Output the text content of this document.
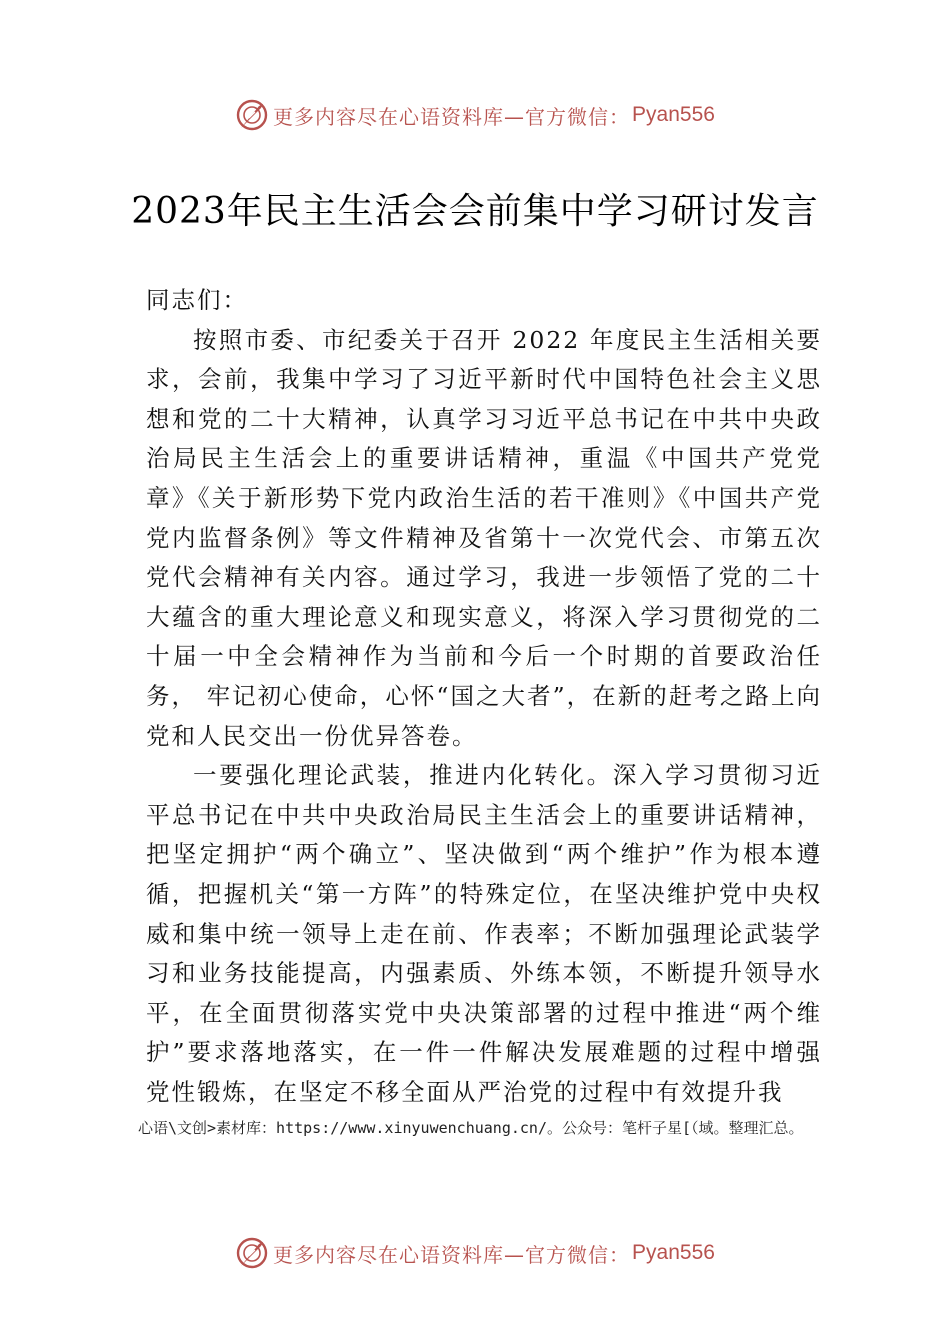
更多内容尽在心语资料库—官方微信： Pyan556
2023年民主生活会会前集中学习研讨发言

同志们：

按照市委、市纪委关于召开 2022 年度民主生活相关要求，会前，我集中学习了习近平新时代中国特色社会主义思想和党的二十大精神，认真学习习近平总书记在中共中央政治局民主生活会上的重要讲话精神，重温《中国共产党党章》《关于新形势下党内政治生活的若干准则》《中国共产党党内监督条例》等文件精神及省第十一次党代会、市第五次党代会精神有关内容。通过学习，我进一步领悟了党的二十大蕴含的重大理论意义和现实意义，将深入学习贯彻党的二十届一中全会精神作为当前和今后一个时期的首要政治任务， 牢记初心使命，心怀“国之大者”，在新的赶考之路上向党和人民交出一份优异答卷。

一要强化理论武装，推进内化转化。深入学习贯彻习近平总书记在中共中央政治局民主生活会上的重要讲话精神， 把坚定拥护“两个确立”、坚决做到“两个维护”作为根本遵循，把握机关“第一方阵”的特殊定位，在坚决维护党中央权威和集中统一领导上走在前、作表率；不断加强理论武装学习和业务技能提高，内强素质、外练本领，不断提升领导水平，在全面贯彻落实党中央决策部署的过程中推进“两个维护”要求落地落实，在一件一件解决发展难题的过程中增强党性锻炼，在坚定不移全面从严治党的过程中有效提升我

心语\文创>素材库：https://www.xinyuwenchuang.cn/。公众号：笔杆子星[（域。整理汇总。
更多内容尽在心语资料库—官方微信： Pyan556
